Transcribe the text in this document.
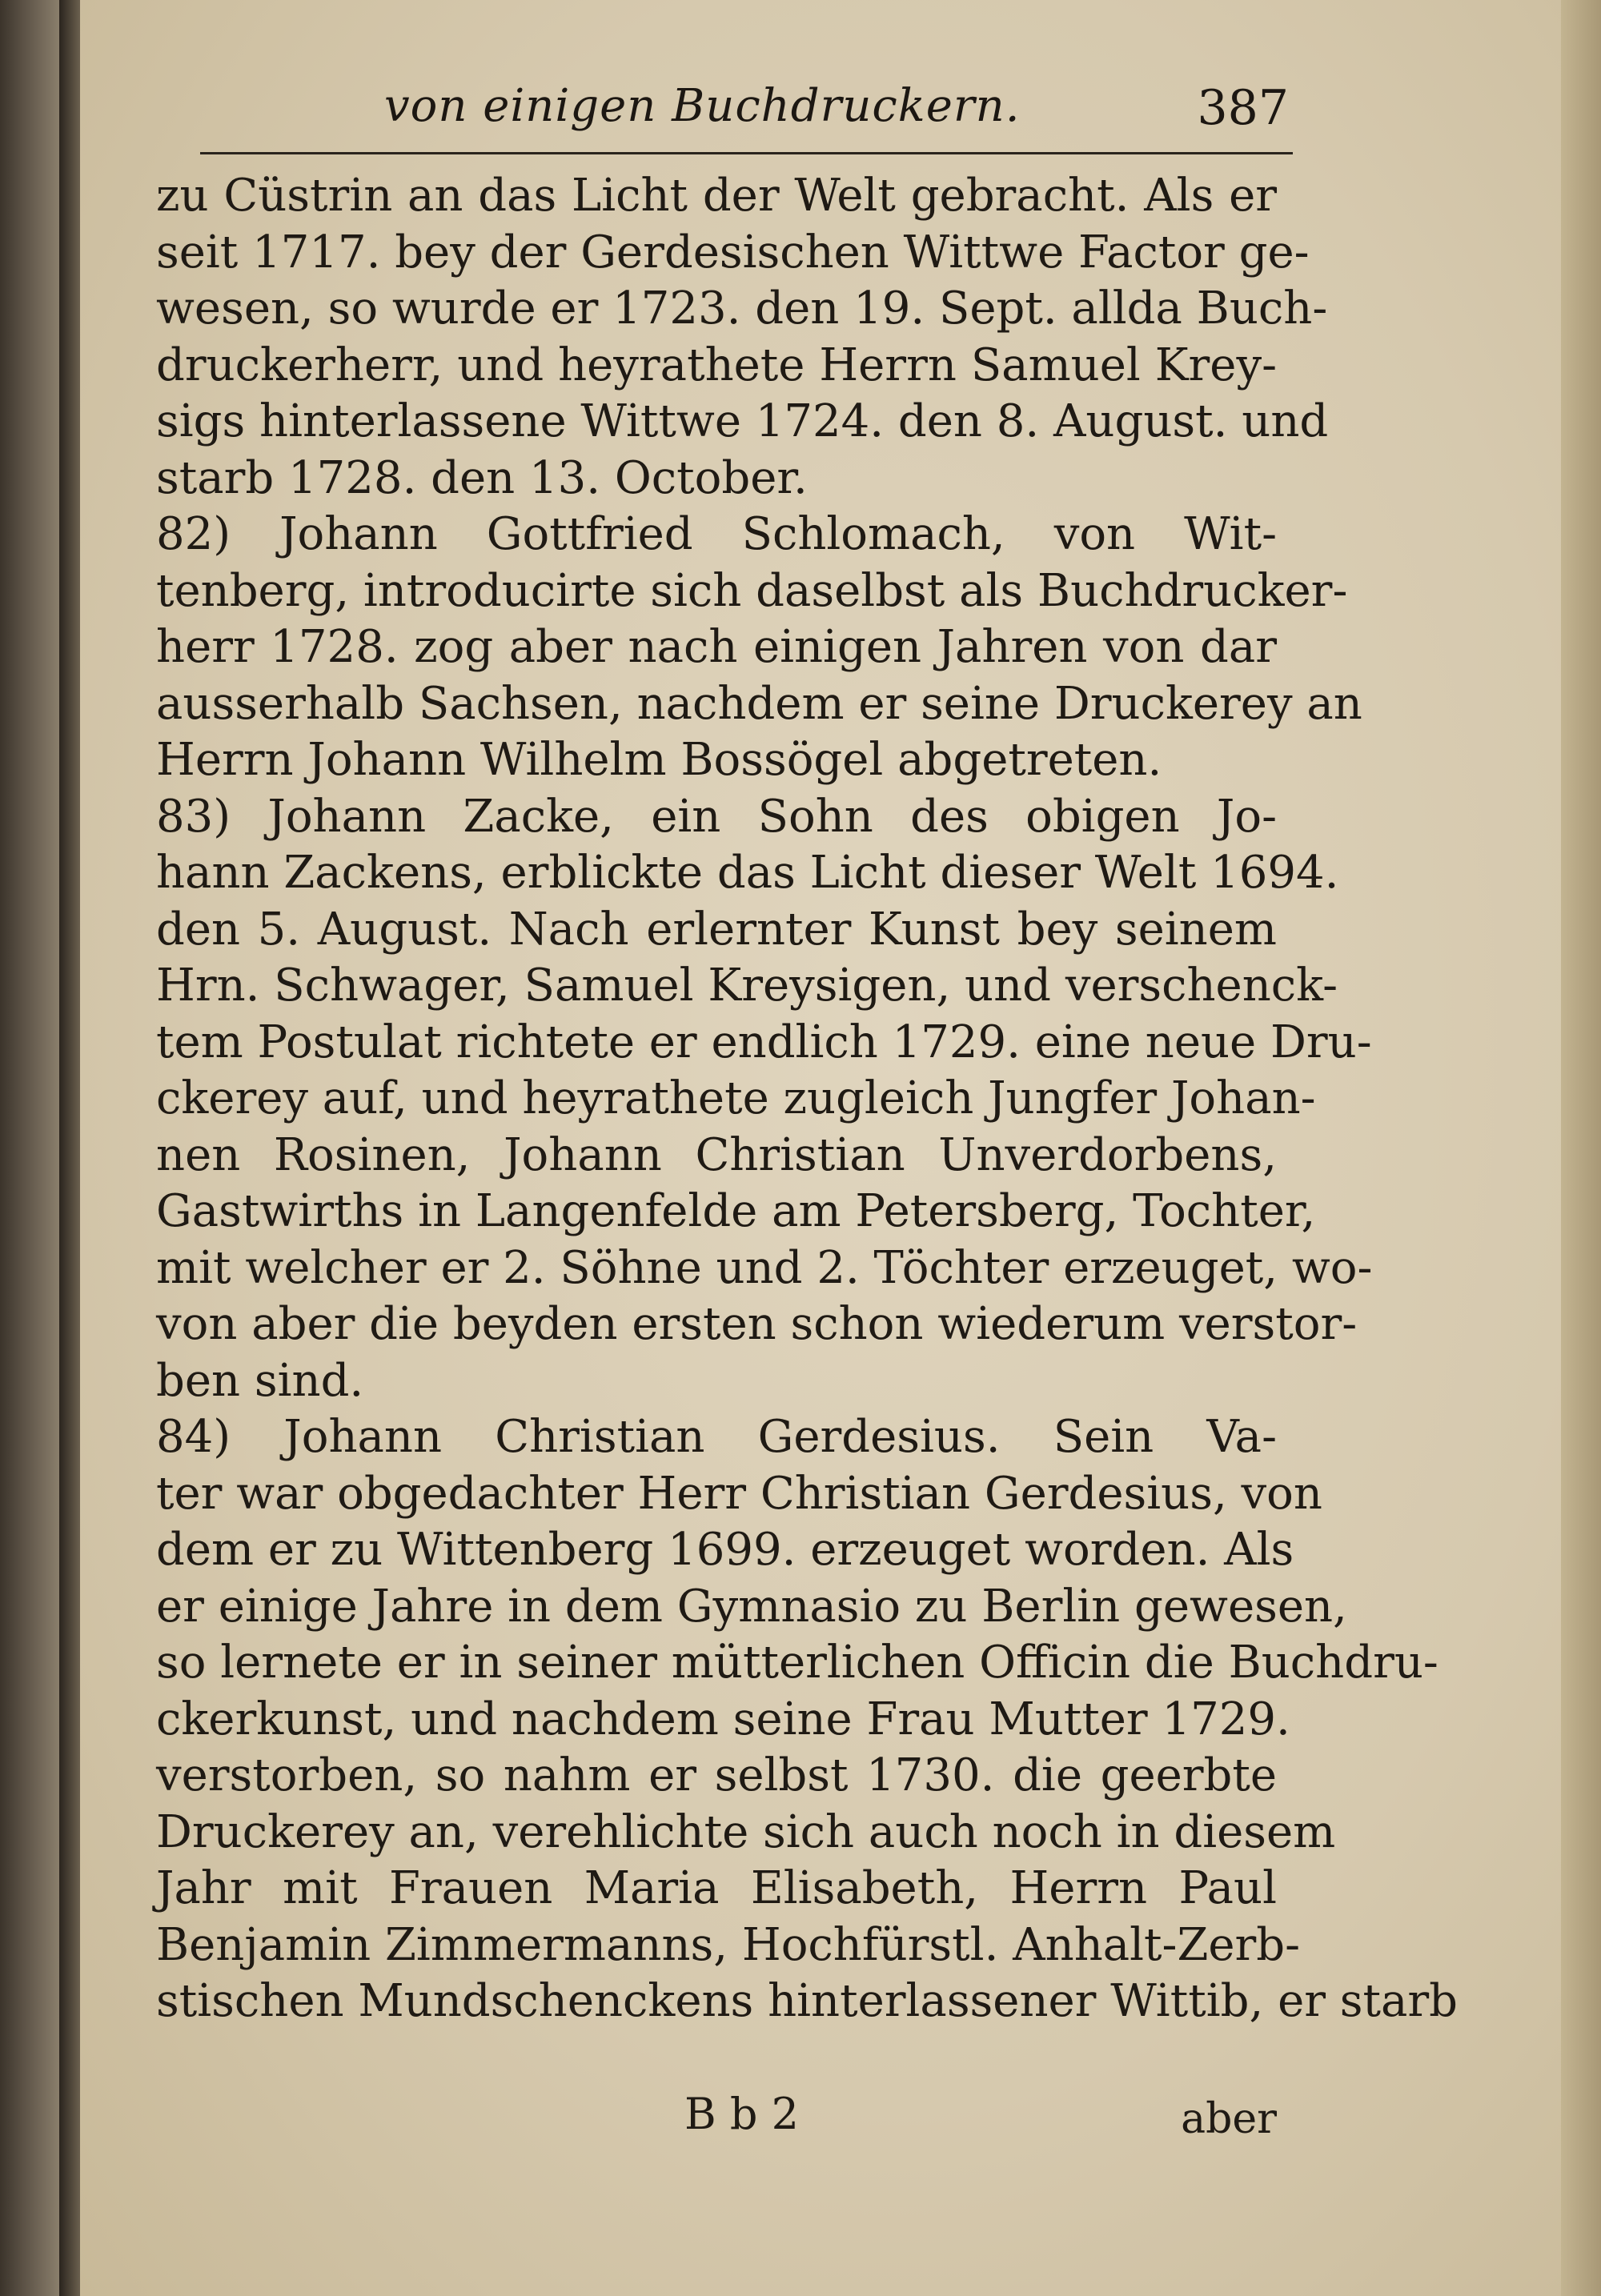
von einigen Buchdruckern.	387
zu Cüstrin an das Licht der Welt gebracht. Als er
seit 1717. bey der Gerdesischen Wittwe Factor ge-
wesen, so wurde er 1723. den 19. Sept. allda Buch-
druckerherr, und heyrathete Herrn Samuel Krey-
sigs hinterlassene Wittwe 1724. den 8. August. und
starb 1728. den 13. October.
82) Johann Gottfried Schlomach, von Wit-
tenberg, introducirte sich daselbst als Buchdrucker-
herr 1728. zog aber nach einigen Jahren von dar
ausserhalb Sachsen, nachdem er seine Druckerey an
Herrn Johann Wilhelm Bossögel abgetreten.
83) Johann Zacke, ein Sohn des obigen Jo-
hann Zackens, erblickte das Licht dieser Welt 1694.
den 5. August. Nach erlernter Kunst bey seinem
Hrn. Schwager, Samuel Kreysigen, und verschenck-
tem Postulat richtete er endlich 1729. eine neue Dru-
ckerey auf, und heyrathete zugleich Jungfer Johan-
nen Rosinen, Johann Christian Unverdorbens,
Gastwirths in Langenfelde am Petersberg, Tochter,
mit welcher er 2. Söhne und 2. Töchter erzeuget, wo-
von aber die beyden ersten schon wiederum verstor-
ben sind.
84) Johann Christian Gerdesius. Sein Va-
ter war obgedachter Herr Christian Gerdesius, von
dem er zu Wittenberg 1699. erzeuget worden. Als
er einige Jahre in dem Gymnasio zu Berlin gewesen,
so lernete er in seiner mütterlichen Officin die Buchdru-
ckerkunst, und nachdem seine Frau Mutter 1729.
verstorben, so nahm er selbst 1730. die geerbte
Druckerey an, verehlichte sich auch noch in diesem
Jahr mit Frauen Maria Elisabeth, Herrn Paul
Benjamin Zimmermanns, Hochfürstl. Anhalt-Zerb-
stischen Mundschenckens hinterlassener Wittib, er starb
B b 2	aber
